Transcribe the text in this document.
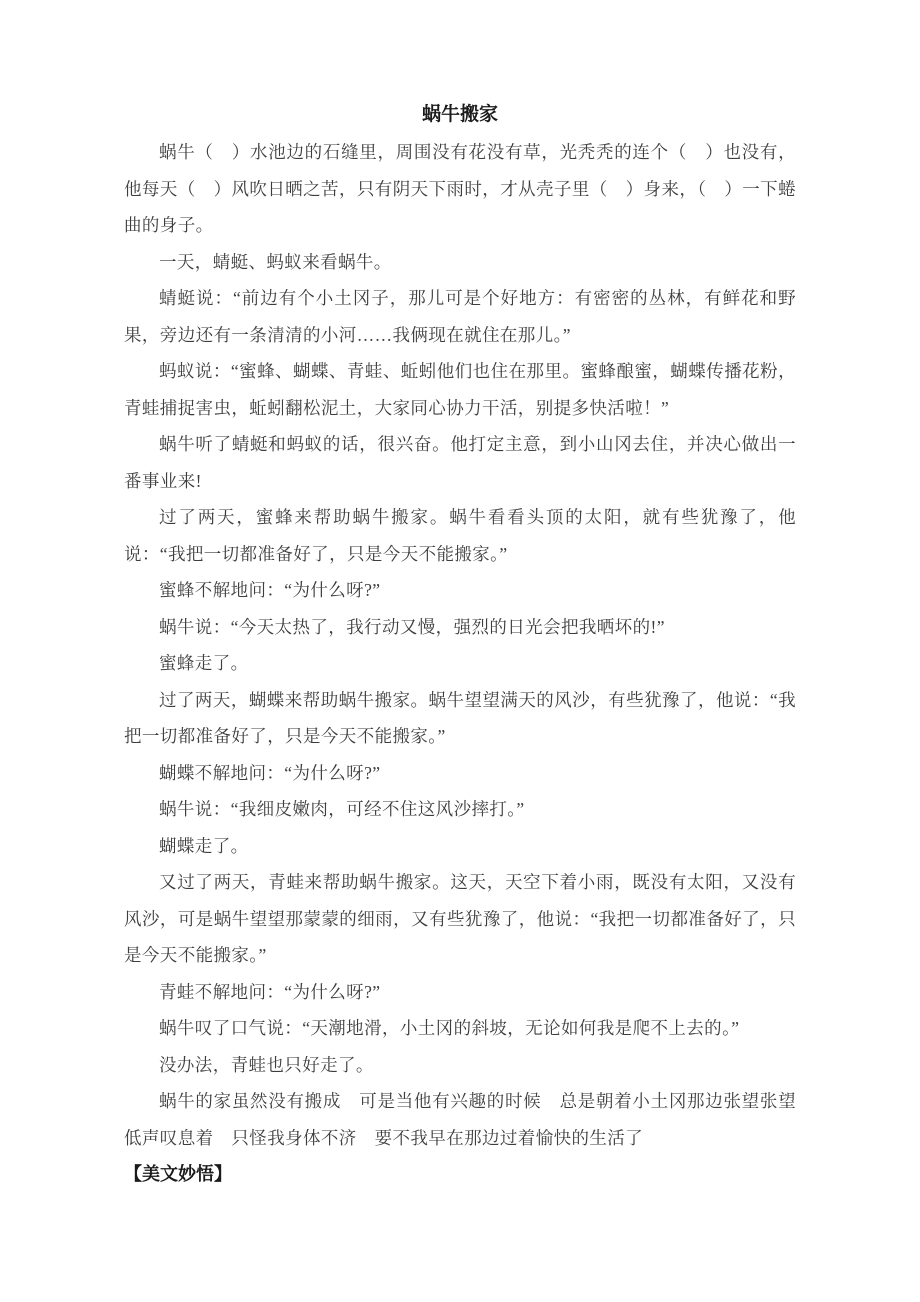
蜗牛搬家

蜗牛（　）水池边的石缝里，周围没有花没有草，光秃秃的连个（　）也没有，他每天（　）风吹日晒之苦，只有阴天下雨时，才从壳子里（　）身来，（　）一下蜷曲的身子。

一天，蜻蜓、蚂蚁来看蜗牛。

蜻蜓说：“前边有个小土冈子，那儿可是个好地方：有密密的丛林，有鲜花和野果，旁边还有一条清清的小河……我俩现在就住在那儿。”

蚂蚁说：“蜜蜂、蝴蝶、青蛙、蚯蚓他们也住在那里。蜜蜂酿蜜，蝴蝶传播花粉，青蛙捕捉害虫，蚯蚓翻松泥土，大家同心协力干活，别提多快活啦！”

蜗牛听了蜻蜓和蚂蚁的话，很兴奋。他打定主意，到小山冈去住，并决心做出一番事业来!

过了两天，蜜蜂来帮助蜗牛搬家。蜗牛看看头顶的太阳，就有些犹豫了，他说：“我把一切都准备好了，只是今天不能搬家。”

蜜蜂不解地问：“为什么呀?”

蜗牛说：“今天太热了，我行动又慢，强烈的日光会把我晒坏的!”

蜜蜂走了。

过了两天，蝴蝶来帮助蜗牛搬家。蜗牛望望满天的风沙，有些犹豫了，他说：“我把一切都准备好了，只是今天不能搬家。”

蝴蝶不解地问：“为什么呀?”

蜗牛说：“我细皮嫩肉，可经不住这风沙摔打。”

蝴蝶走了。

又过了两天，青蛙来帮助蜗牛搬家。这天，天空下着小雨，既没有太阳，又没有风沙，可是蜗牛望望那蒙蒙的细雨，又有些犹豫了，他说：“我把一切都准备好了，只是今天不能搬家。”

青蛙不解地问：“为什么呀?”

蜗牛叹了口气说：“天潮地滑，小土冈的斜坡，无论如何我是爬不上去的。”

没办法，青蛙也只好走了。

蜗牛的家虽然没有搬成　可是当他有兴趣的时候　总是朝着小土冈那边张望张望　低声叹息着　只怪我身体不济　要不我早在那边过着愉快的生活了

【美文妙悟】
